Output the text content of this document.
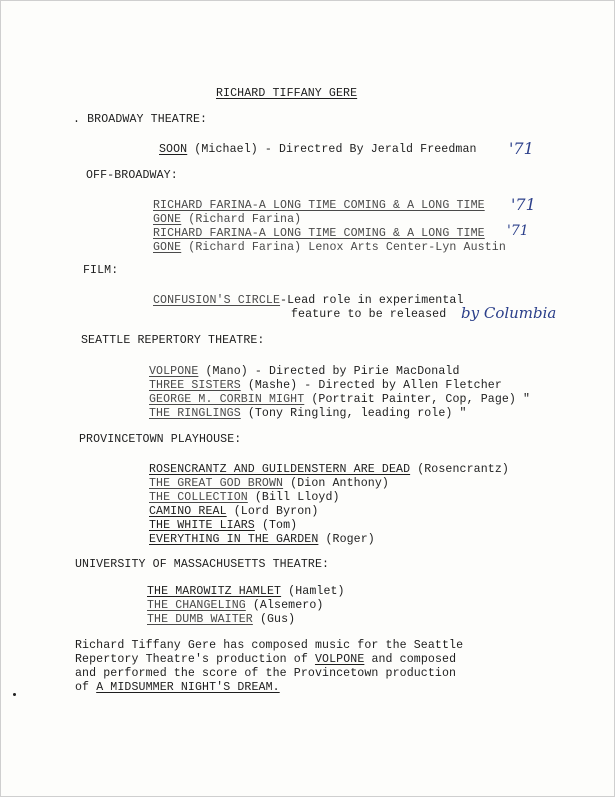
RICHARD TIFFANY GERE
. BROADWAY THEATRE:
SOON (Michael) - Directred By Jerald Freedman '71
OFF-BROADWAY:
RICHARD FARINA-A LONG TIME COMING & A LONG TIME '71
GONE (Richard Farina)
RICHARD FARINA-A LONG TIME COMING & A LONG TIME '71
GONE (Richard Farina) Lenox Arts Center-Lyn Austin
FILM:
CONFUSION'S CIRCLE-Lead role in experimental
feature to be released by Columbia
SEATTLE REPERTORY THEATRE:
VOLPONE (Mano) - Directed by Pirie MacDonald
THREE SISTERS (Mashe) - Directed by Allen Fletcher
GEORGE M. CORBIN MIGHT (Portrait Painter, Cop, Page) "
THE RINGLINGS (Tony Ringling, leading role) "
PROVINCETOWN PLAYHOUSE:
ROSENCRANTZ AND GUILDENSTERN ARE DEAD (Rosencrantz)
THE GREAT GOD BROWN (Dion Anthony)
THE COLLECTION (Bill Lloyd)
CAMINO REAL (Lord Byron)
THE WHITE LIARS (Tom)
EVERYTHING IN THE GARDEN (Roger)
UNIVERSITY OF MASSACHUSETTS THEATRE:
THE MAROWITZ HAMLET (Hamlet)
THE CHANGELING (Alsemero)
THE DUMB WAITER (Gus)
Richard Tiffany Gere has composed music for the Seattle
Repertory Theatre's production of VOLPONE and composed
and performed the score of the Provincetown production
of A MIDSUMMER NIGHT'S DREAM.
